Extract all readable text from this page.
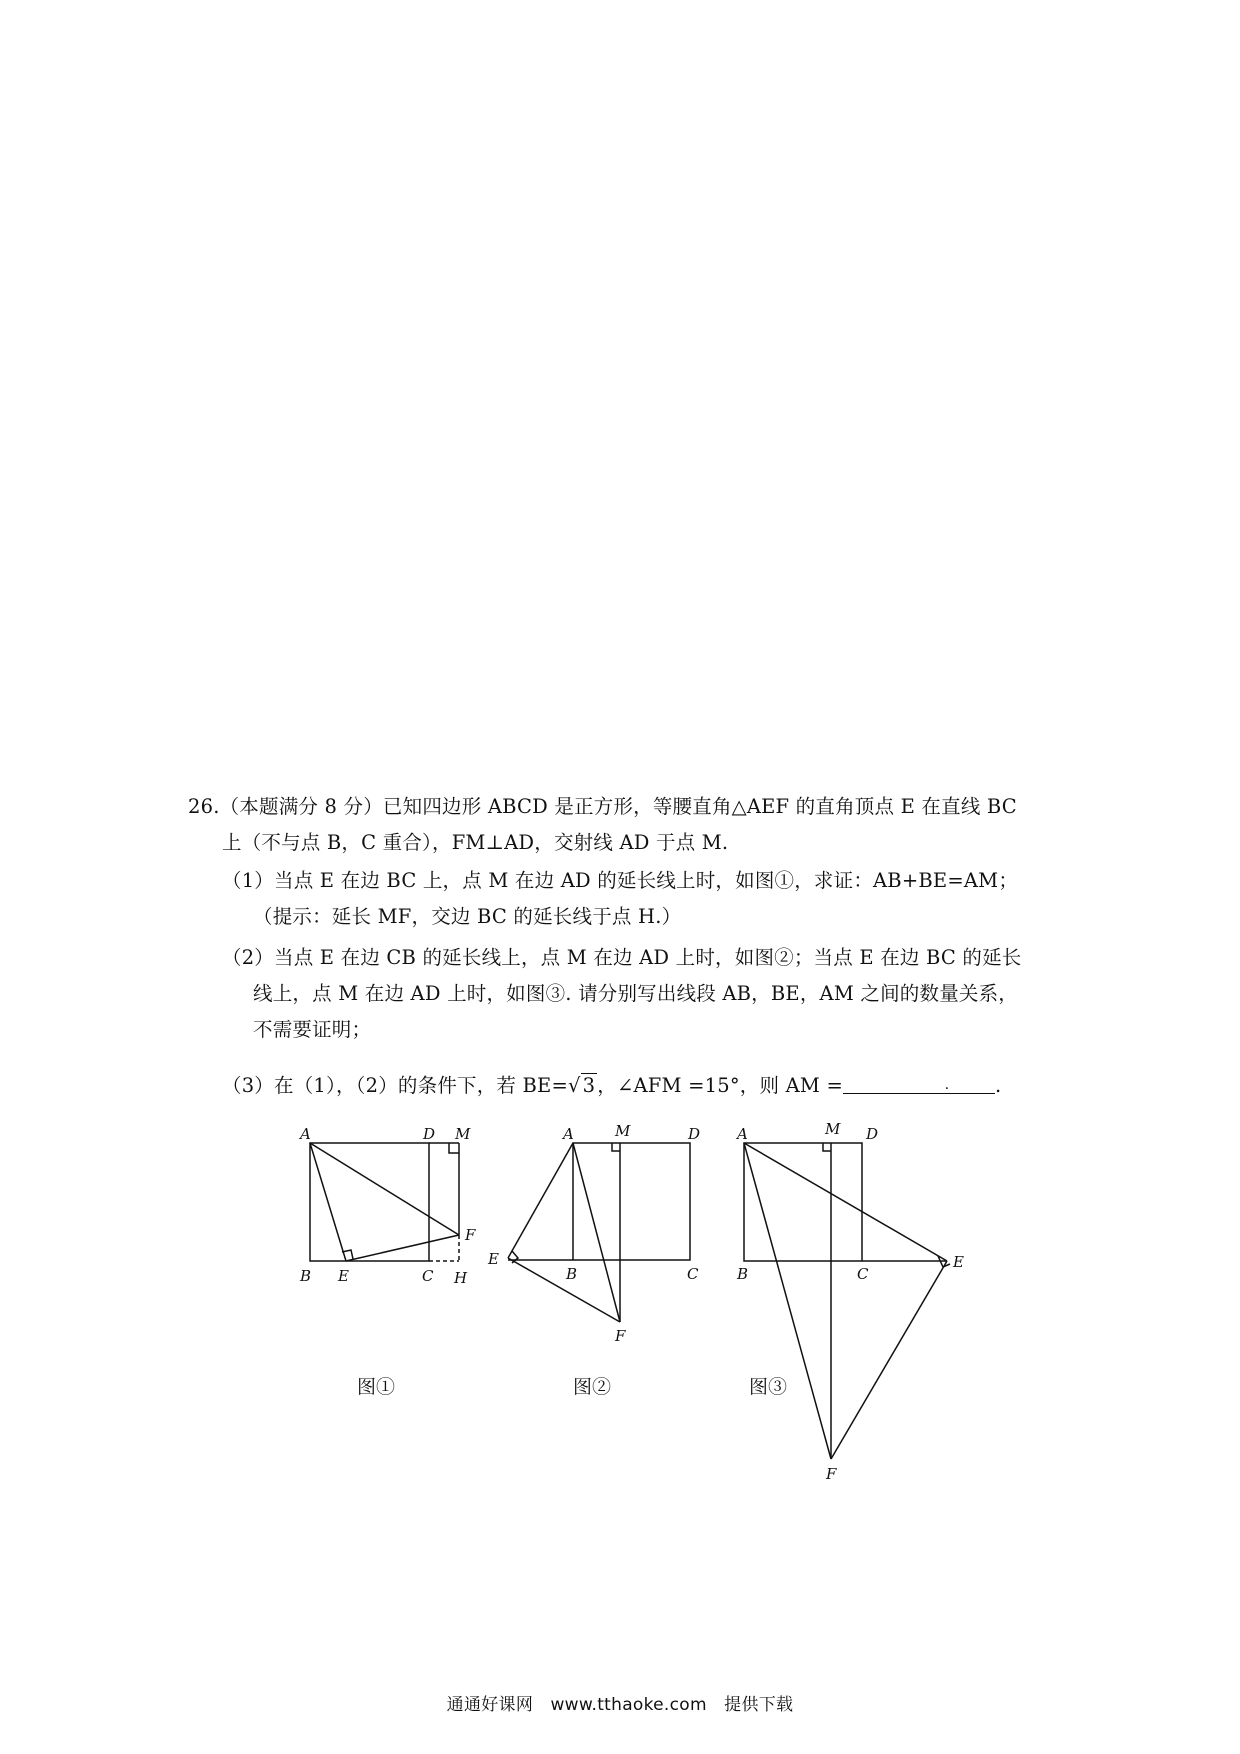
26.（本题满分 8 分）已知四边形 ABCD 是正方形，等腰直角△AEF 的直角顶点 E 在直线 BC
上（不与点 B，C 重合），FM⊥AD，交射线 AD 于点 M.
（1）当点 E 在边 BC 上，点 M 在边 AD 的延长线上时，如图①，求证：AB+BE=AM；
（提示：延长 MF，交边 BC 的延长线于点 H.）
（2）当点 E 在边 CB 的延长线上，点 M 在边 AD 上时，如图②；当点 E 在边 BC 的延长
线上，点 M 在边 AD 上时，如图③. 请分别写出线段 AB，BE，AM 之间的数量关系，
不需要证明；
（3）在（1），（2）的条件下，若 BE=√ 3 ，∠AFM =15°，则 AM =	. .
A	D M
F
B E	C H
A	M	D
E
B	C
F
A	M D
B	C
E
F
图①	图②	图③
通通好课网　www.tthaoke.com　提供下载
